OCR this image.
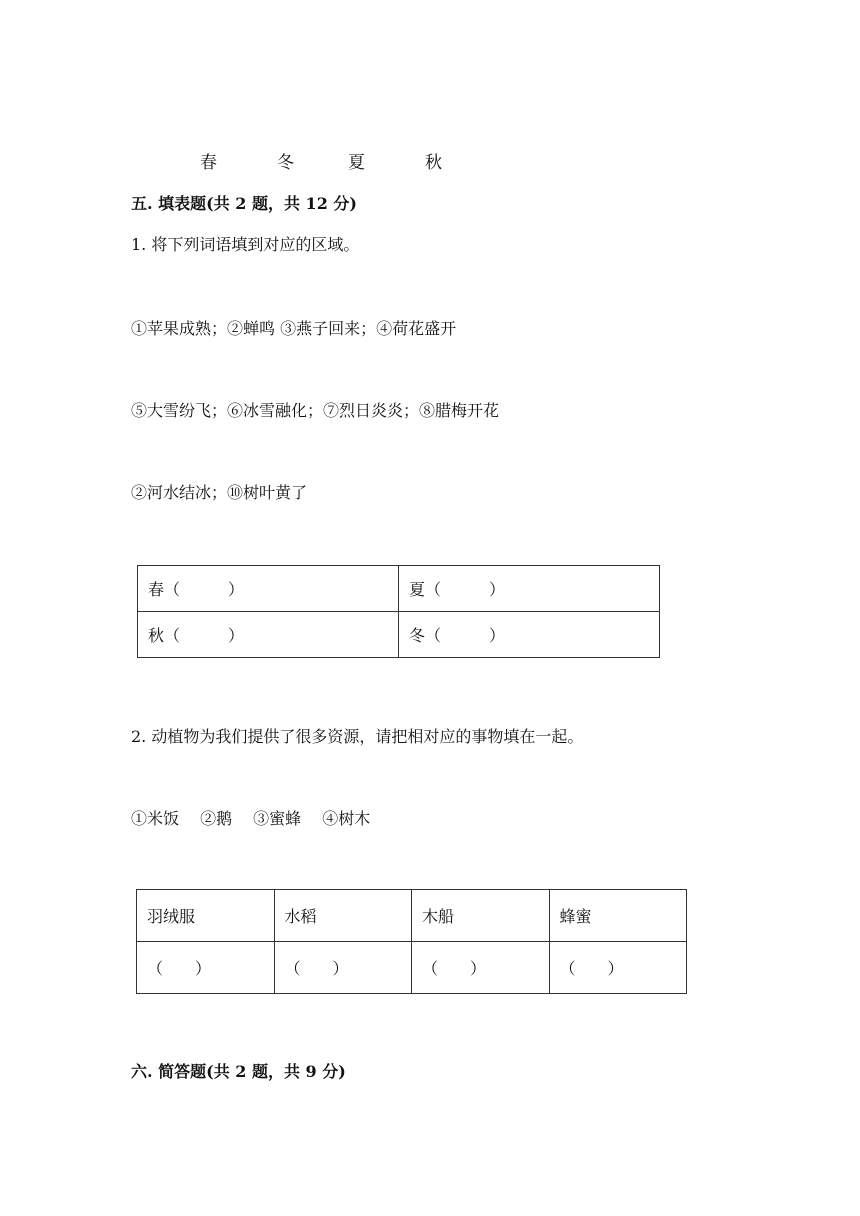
春	冬	夏	秋
五. 填表题(共 2 题，共 12 分)
1. 将下列词语填到对应的区域。
①苹果成熟；②蝉鸣 ③燕子回来；④荷花盛开
⑤大雪纷飞；⑥冰雪融化；⑦烈日炎炎；⑧腊梅开花
②河水结冰；⑩树叶黄了
春（　　　）	夏（　　　）
秋（　　　）	冬（　　　）
2. 动植物为我们提供了很多资源，请把相对应的事物填在一起。
①米饭　 ②鹅　 ③蜜蜂　 ④树木
羽绒服	水稻	木船	蜂蜜
（　　）	（　　）	（　　）	（　　）
六. 简答题(共 2 题，共 9 分)
